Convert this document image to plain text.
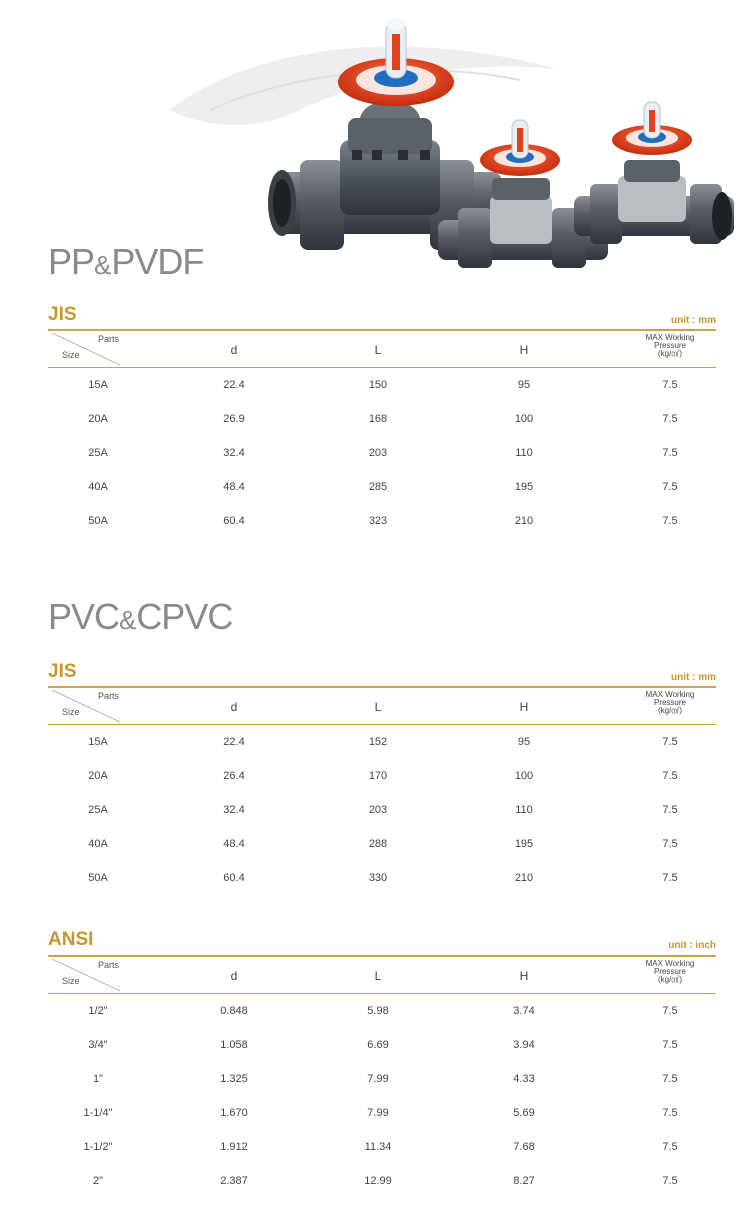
PP&PVDF
JIS	unit : mm
Parts
Size	d	L	H
MAX Working
Pressure
(kg/㎠)
15A	22.4	150	95	7.5
20A	26.9	168	100	7.5
25A	32.4	203	110	7.5
40A	48.4	285	195	7.5
50A	60.4	323	210	7.5
PVC&CPVC
JIS	unit : mm
Parts
Size	d	L	H
MAX Working
Pressure
(kg/㎠)
15A	22.4	152	95	7.5
20A	26.4	170	100	7.5
25A	32.4	203	110	7.5
40A	48.4	288	195	7.5
50A	60.4	330	210	7.5
ANSI	unit : inch
Parts
Size	d	L	H
MAX Working
Pressure
(kg/㎠)
1/2"	0.848	5.98	3.74	7.5
3/4"	1.058	6.69	3.94	7.5
1"	1.325	7.99	4.33	7.5
1-1/4"	1.670	7.99	5.69	7.5
1-1/2"	1.912	11.34	7.68	7.5
2"	2.387	12.99	8.27	7.5
